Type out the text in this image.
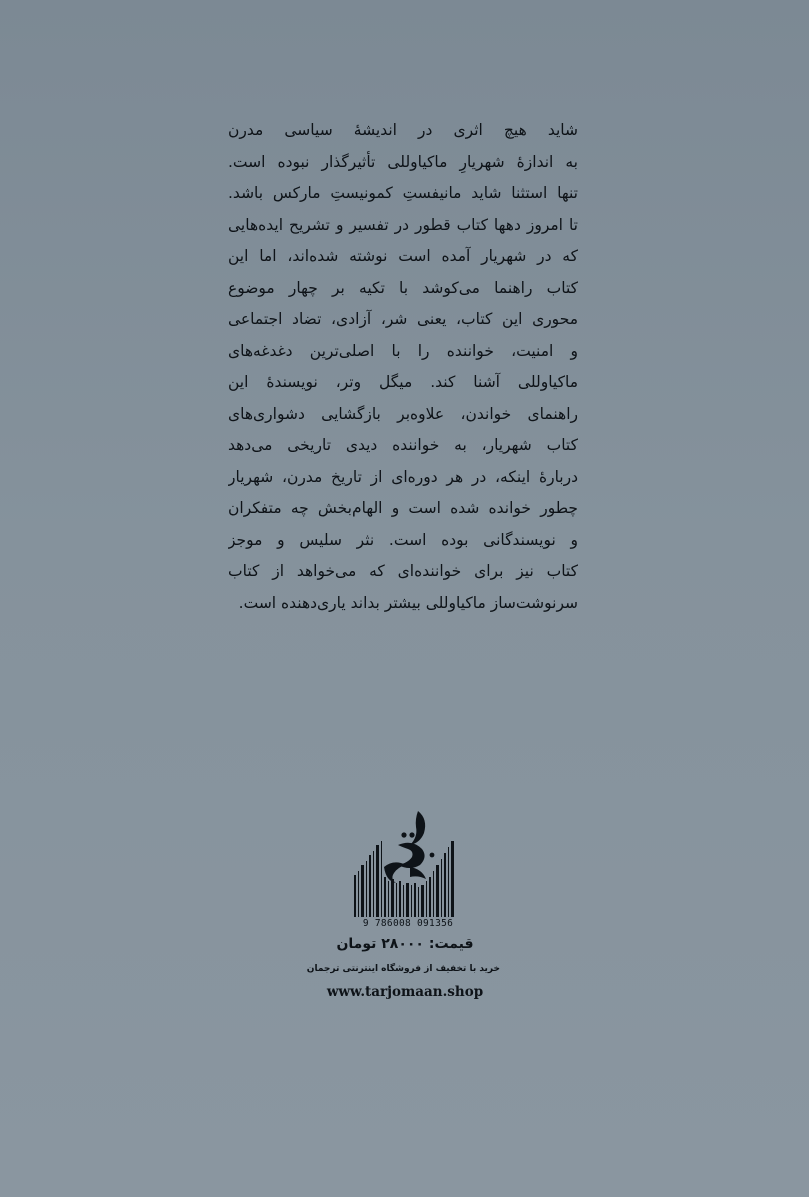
شاید هیچ اثری در اندیشهٔ سیاسی مدرن
به اندازهٔ شهریارِ ماکیاوللی تأثیرگذار نبوده است.
تنها استثنا شاید مانیفستِ کمونیستِ مارکس باشد.
تا امروز دهها کتاب قطور در تفسیر و تشریح ایده‌هایی
که در شهریار آمده است نوشته شده‌اند، اما این
کتاب راهنما می‌کوشد با تکیه بر چهار موضوع
محوری این کتاب، یعنی شر، آزادی، تضاد اجتماعی
و امنیت، خواننده را با اصلی‌ترین دغدغه‌های
ماکیاوللی آشنا کند. میگل وتر، نویسندهٔ این
راهنمای خواندن، علاوه‌بر بازگشایی دشواری‌های
کتاب شهریار، به خواننده دیدی تاریخی می‌دهد
دربارهٔ اینکه، در هر دوره‌ای از تاریخ مدرن، شهریار
چطور خوانده شده است و الهام‌بخش چه متفکران
و نویسندگانی بوده است. نثر سلیس و موجز
کتاب نیز برای خواننده‌ای که می‌خواهد از کتاب
سرنوشت‌ساز ماکیاوللی بیشتر بداند یاری‌دهنده است.
9 786008 091356
قیمت: ۲۸۰۰۰ تومان
خرید با تخفیف از فروشگاه اینترنتی ترجمان
www.tarjomaan.shop
